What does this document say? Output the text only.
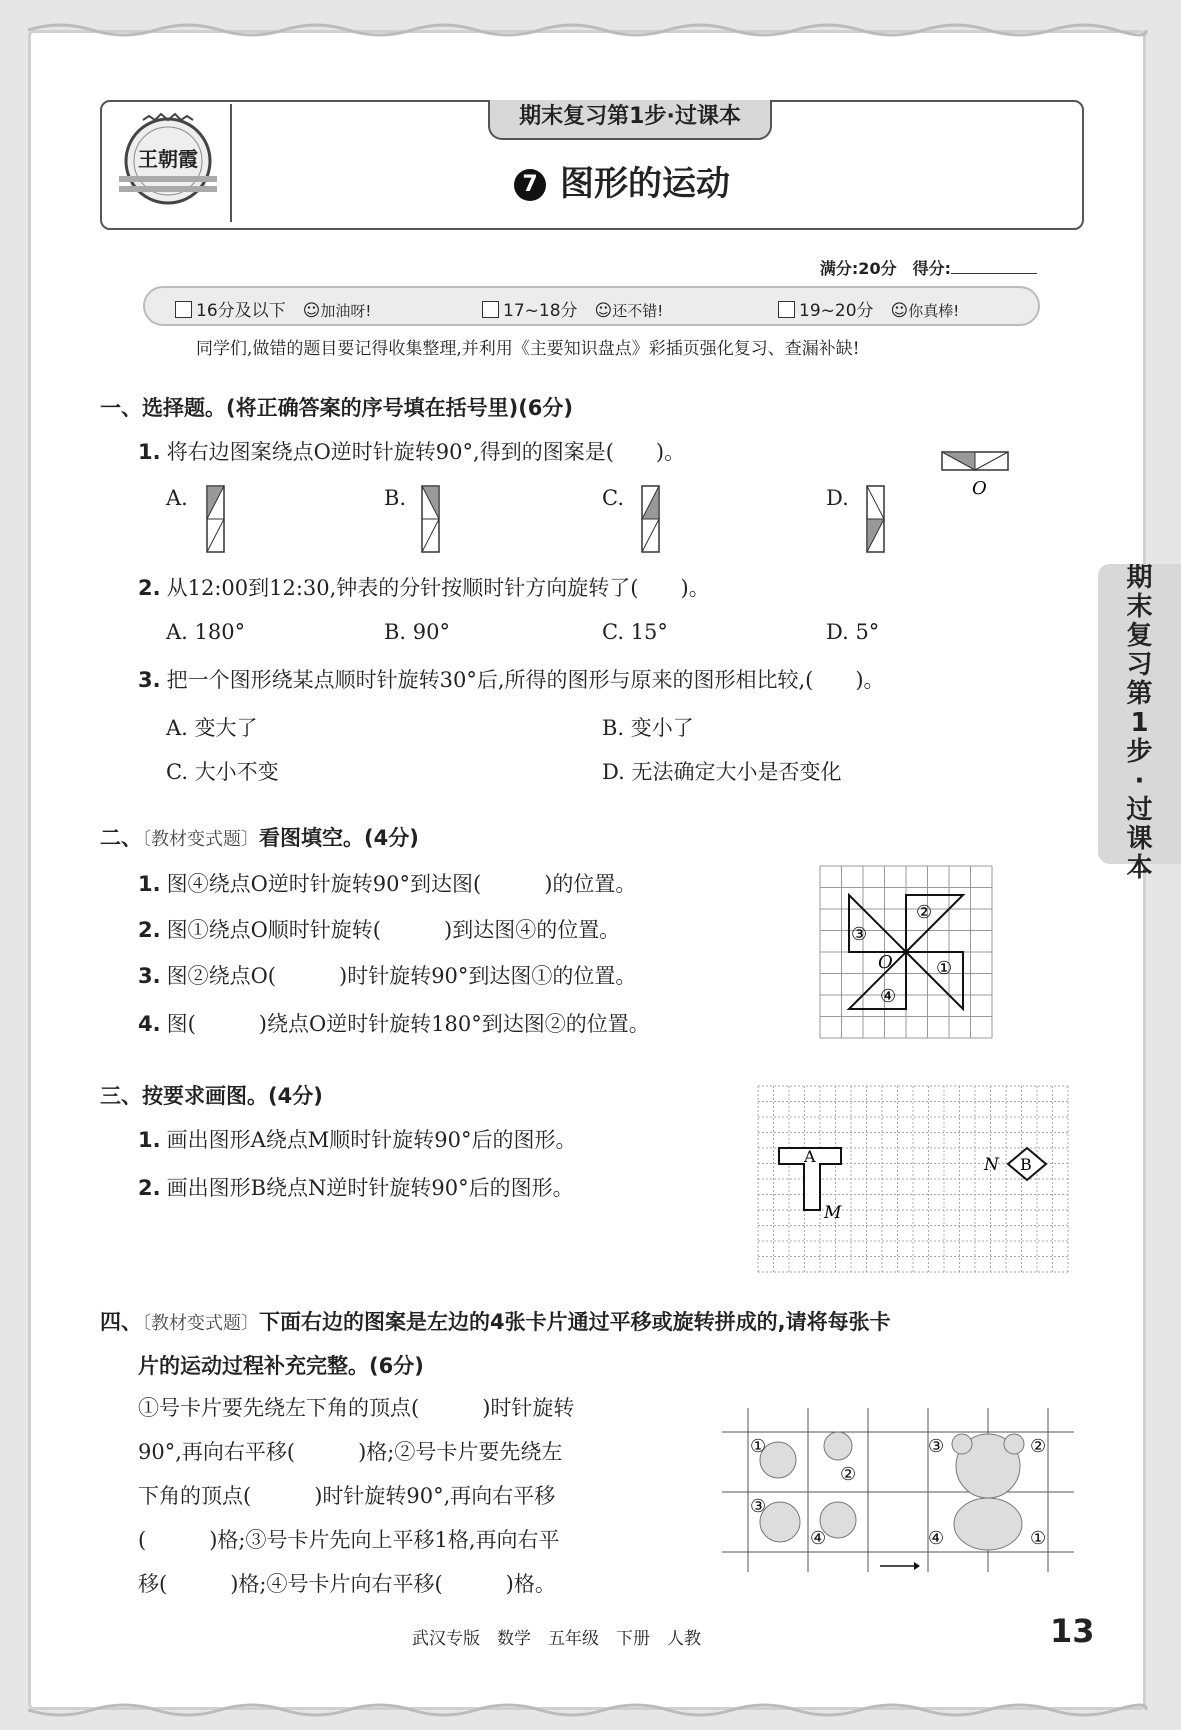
期末复习第1步·过课本
王朝霞
7 图形的运动
满分:20分　 得分:
16分及以下　☺加油呀!	17~18分　☺还不错!	19~20分　☺你真棒!
同学们,做错的题目要记得收集整理,并利用《主要知识盘点》彩插页强化复习、查漏补缺!
一、选择题。(将正确答案的序号填在括号里)(6分)
1. 将右边图案绕点O逆时针旋转90°,得到的图案是(　　)。
O
A.	B.	C.	D.
2. 从12:00到12:30,钟表的分针按顺时针方向旋转了(　　)。
A. 180°	B. 90°	C. 15°	D. 5°
3. 把一个图形绕某点顺时针旋转30°后,所得的图形与原来的图形相比较,(　　)。
A. 变大了	B. 变小了
C. 大小不变	D. 无法确定大小是否变化
二、〔教材变式题〕看图填空。(4分)
1. 图④绕点O逆时针旋转90°到达图(　　　)的位置。
2. 图①绕点O顺时针旋转(　　　)到达图④的位置。
3. 图②绕点O(　　　)时针旋转90°到达图①的位置。
4. 图(　　　)绕点O逆时针旋转180°到达图②的位置。
②
③
①
④
O
三、按要求画图。(4分)
1. 画出图形A绕点M顺时针旋转90°后的图形。
2. 画出图形B绕点N逆时针旋转90°后的图形。
A
M
B
N
四、〔教材变式题〕下面右边的图案是左边的4张卡片通过平移或旋转拼成的,请将每张卡
片的运动过程补充完整。(6分)
①号卡片要先绕左下角的顶点(　　　)时针旋转
90°,再向右平移(　　　)格;②号卡片要先绕左
下角的顶点(　　　)时针旋转90°,再向右平移
(　　　)格;③号卡片先向上平移1格,再向右平
移(　　　)格;④号卡片向右平移(　　　)格。
①
②
③
④
③	②
④	①
期
末
复
习
第
1
步
·
过
课
本
武汉专版　数学　五年级　下册　人教	13
